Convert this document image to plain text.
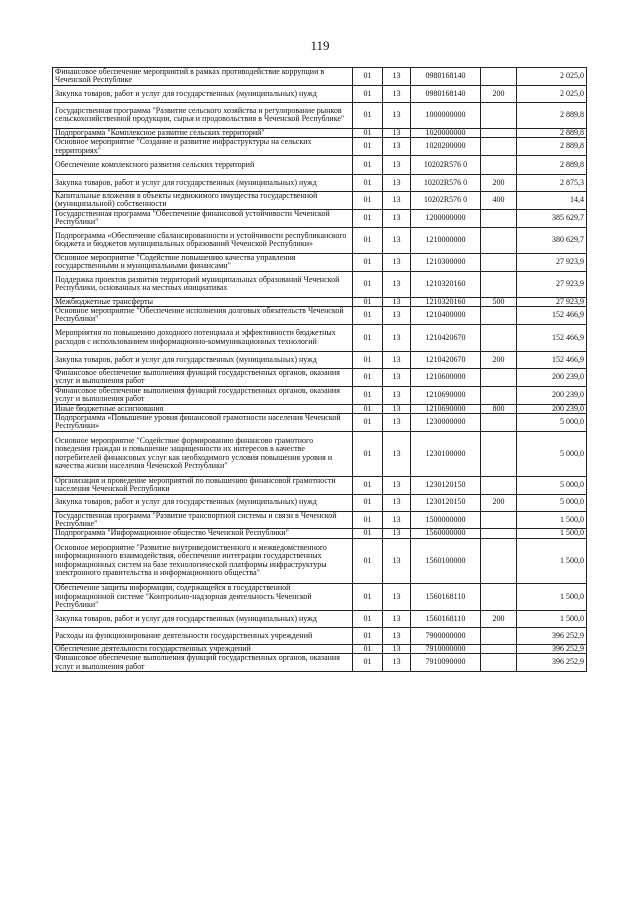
119
Финансовое обеспечение мероприятий в рамках противодействие коррупции в Чеченской Республике	01	13	0980168140		2 025,0
Закупка товаров, работ и услуг для государственных (муниципальных) нужд	01	13	0980168140	200	2 025,0
Государственная программа "Развитие сельского хозяйства и регулирование рынков сельскохозяйственной продукции, сырья и продовольствия в Чеченской Республике"	01	13	1000000000		2 889,8
Подпрограмма "Комплексное развитие сельских территорий"	01	13	1020000000		2 889,8
Основное мероприятие "Создание и развитие инфраструктуры на сельских территориях"	01	13	1020200000		2 889,8
Обеспечение комплексного развития сельских территорий	01	13	10202R576 0		2 889,8
Закупка товаров, работ и услуг для государственных (муниципальных) нужд	01	13	10202R576 0	200	2 875,3
Капитальные вложения в объекты недвижимого имущества государственной (муниципальной) собственности	01	13	10202R576 0	400	14,4
Государственная программа "Обеспечение финансовой устойчивости Чеченской Республики"	01	13	1200000000		385 629,7
Подпрограмма «Обеспечение сбалансированности и устойчивости республиканского бюджета и бюджетов муниципальных образований Чеченской Республики»	01	13	1210000000		380 629,7
Основное мероприятие "Содействие повышению качества управления государственными и муниципальными финансами"	01	13	1210300000		27 923,9
Поддержка проектов развития территорий муниципальных образований Чеченской Республики, основанных на местных инициативах	01	13	1210320160		27 923,9
Межбюджетные трансферты	01	13	1210320160	500	27 923,9
Основное мероприятие "Обеспечение исполнения долговых обязательств Чеченской Республики"	01	13	1210400000		152 466,9
Мероприятия по повышению доходного потенциала и эффективности бюджетных расходов с использованием информационно-коммуникационных технологий	01	13	1210420670		152 466,9
Закупка товаров, работ и услуг для государственных (муниципальных) нужд	01	13	1210420670	200	152 466,9
Финансовое обеспечение выполнения функций государственных органов, оказания услуг и выполнения работ	01	13	1210600000		200 239,0
Финансовое обеспечение выполнения функций государственных органов, оказания услуг и выполнения работ	01	13	1210690000		200 239,0
Иные бюджетные ассигнования	01	13	1210690000	800	200 239,0
Подпрограмма «Повышение уровня финансовой грамотности населения Чеченской Республики»	01	13	1230000000		5 000,0
Основное мероприятие "Содействие формированию финансово грамотного поведения граждан и повышение защищенности их интересов в качестве потребителей финансовых услуг как необходимого условия повышения уровня и качества жизни населения Чеченской Республики"	01	13	1230100000		5 000,0
Организация и проведение мероприятий по повышению финансовой грамотности населения Чеченской Республики	01	13	1230120150		5 000,0
Закупка товаров, работ и услуг для государственных (муниципальных) нужд	01	13	1230120150	200	5 000,0
Государственная программа "Развитие транспортной системы и связи в Чеченской Республике"	01	13	1500000000		1 500,0
Подпрограмма "Информационное общество Чеченской Республики"	01	13	1560000000		1 500,0
Основное мероприятие "Развитие внутриведомственного и межведомственного информационного взаимодействия, обеспечение интеграции государственных информационных систем на базе технологической платформы инфраструктуры электронного правительства и информационного общества"	01	13	1560100000		1 500,0
Обеспечение защиты информации, содержащейся в государственной информационной системе "Контрольно-надзорная деятельность Чеченской Республики"	01	13	1560168110		1 500,0
Закупка товаров, работ и услуг для государственных (муниципальных) нужд	01	13	1560168110	200	1 500,0
Расходы на функционирование деятельности государственных учреждений	01	13	7900000000		396 252,9
Обеспечение деятельности государственных учреждений	01	13	7910000000		396 252,9
Финансовое обеспечение выполнения функций государственных органов, оказания услуг и выполнения работ	01	13	7910090000		396 252,9
